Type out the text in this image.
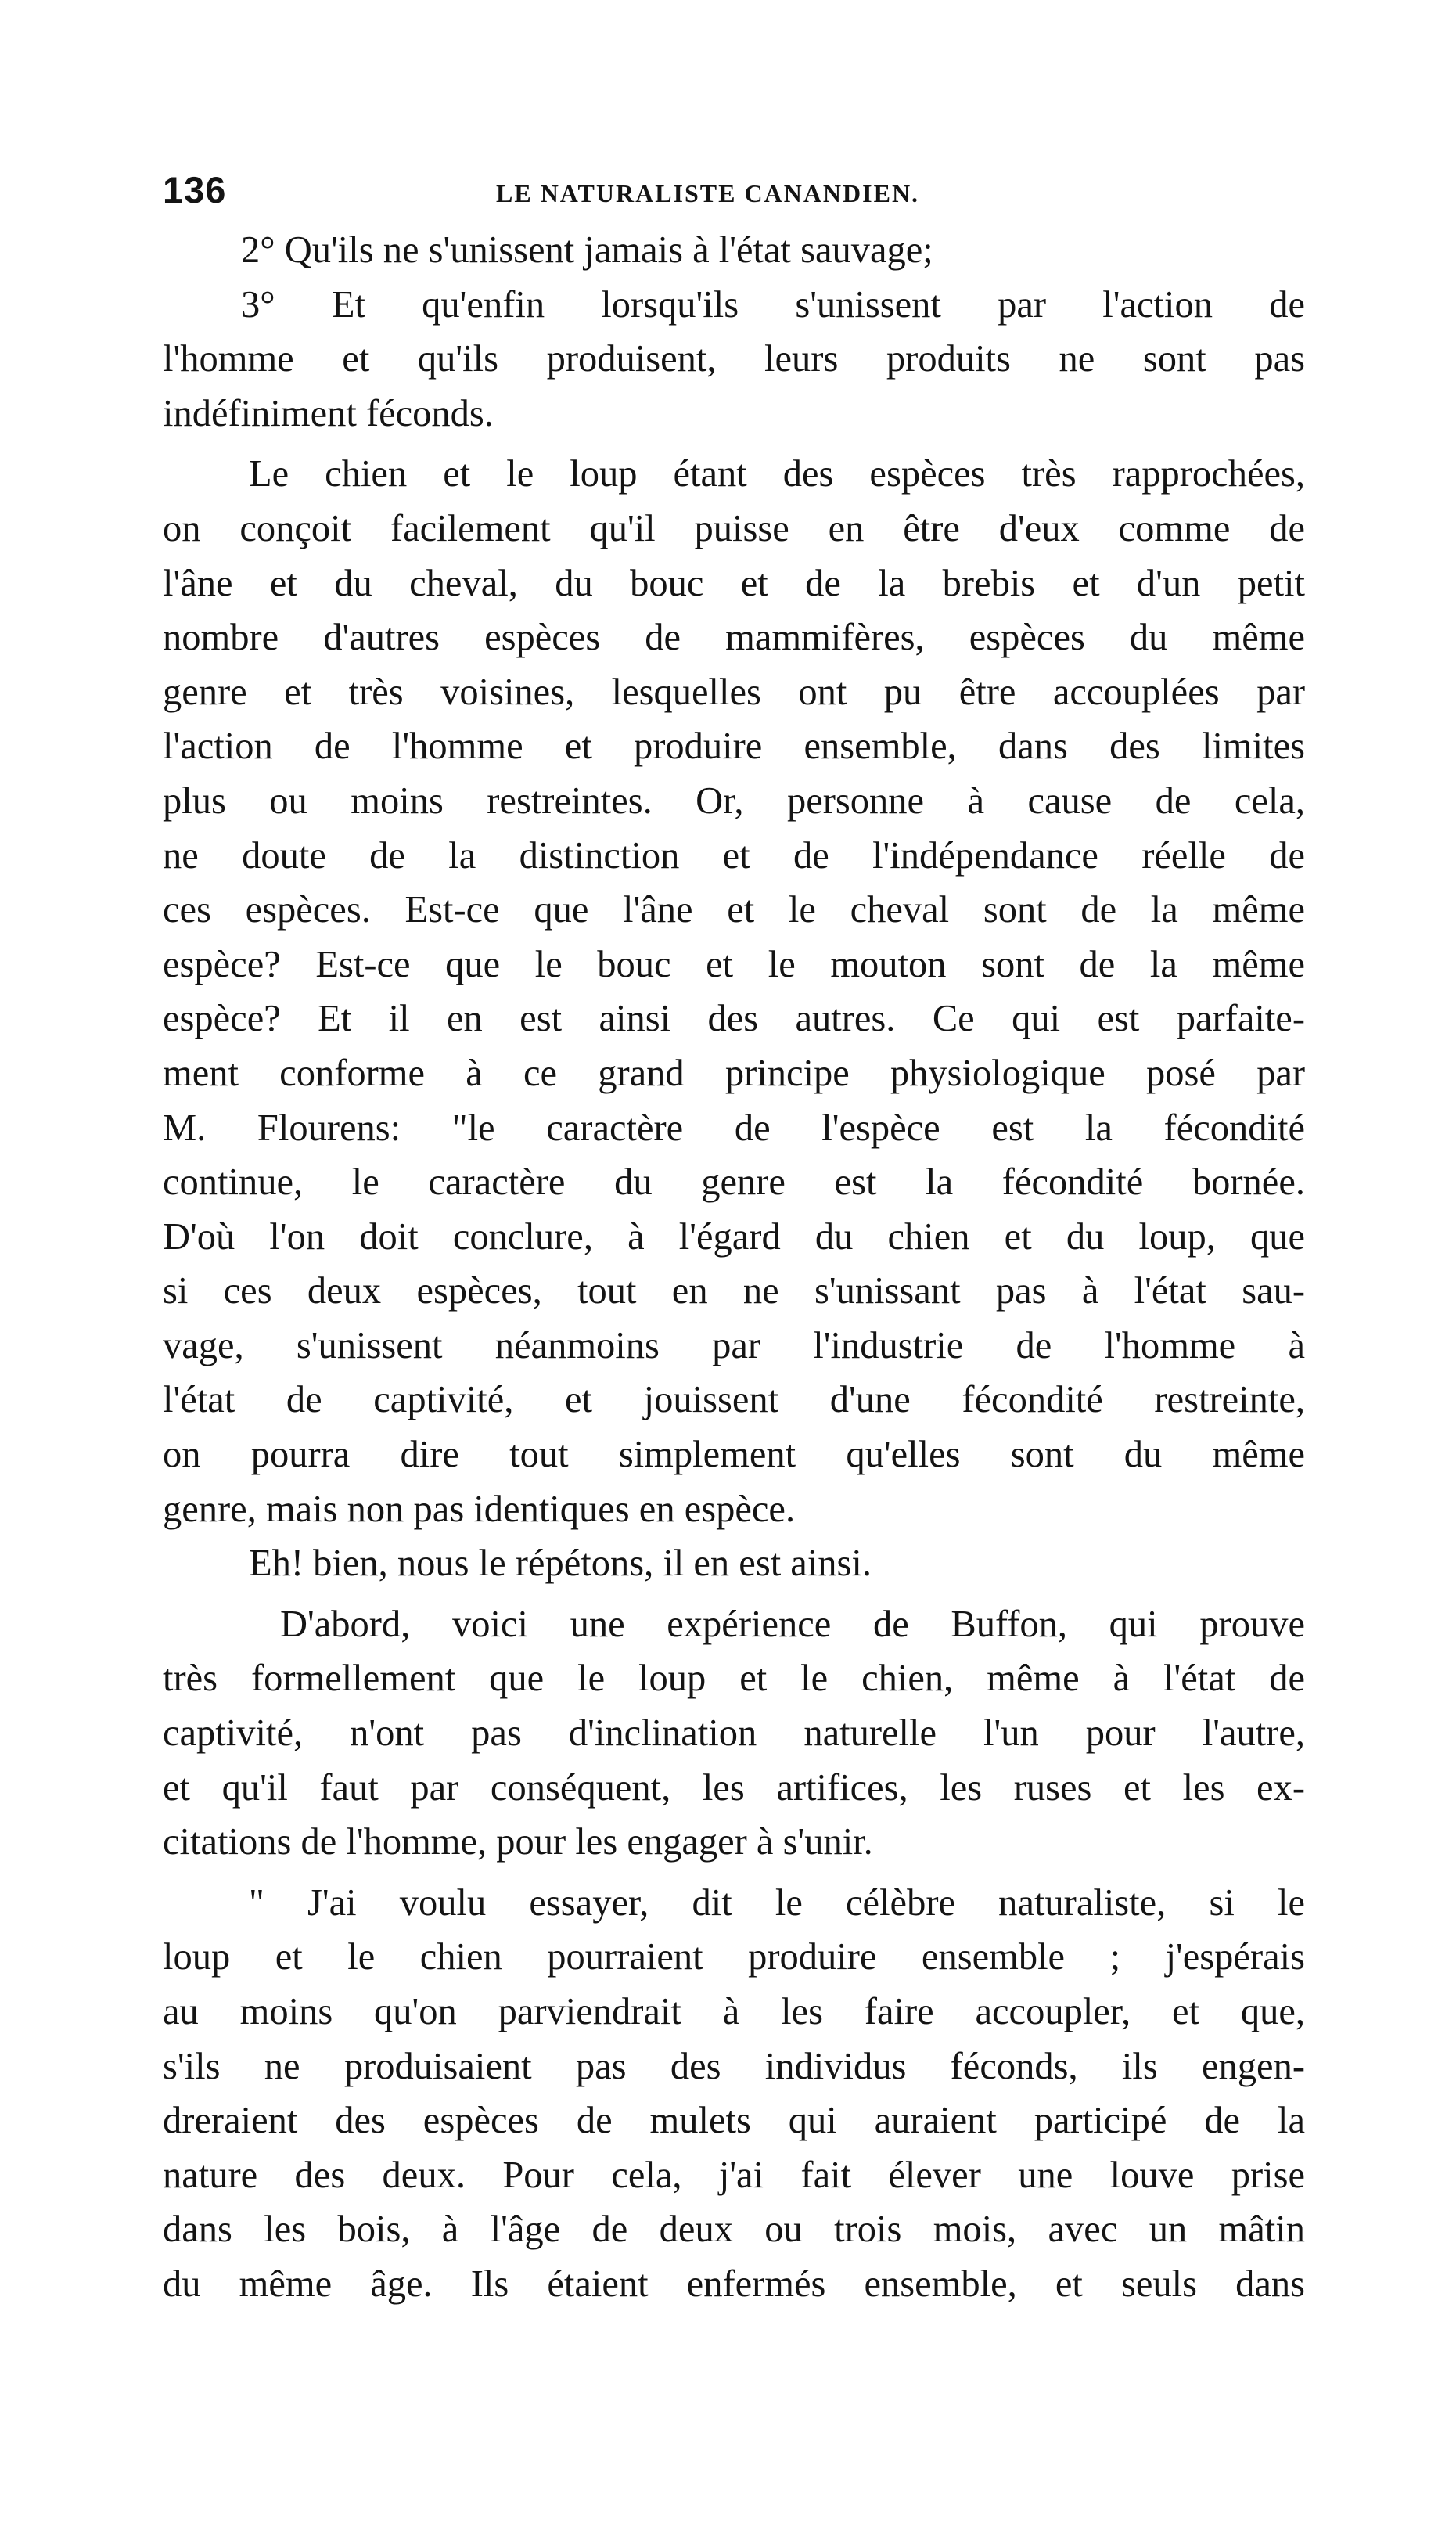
136	LE NATURALISTE CANANDIEN.
2° Qu'ils ne s'unissent jamais à l'état sauvage;
3° Et qu'enfin lorsqu'ils s'unissent par l'action de
l'homme et qu'ils produisent, leurs produits ne sont pas
indéfiniment féconds.
Le chien et le loup étant des espèces très rapprochées,
on conçoit facilement qu'il puisse en être d'eux comme de
l'âne et du cheval, du bouc et de la brebis et d'un petit
nombre d'autres espèces de mammifères, espèces du même
genre et très voisines, lesquelles ont pu être accouplées par
l'action de l'homme et produire ensemble, dans des limites
plus ou moins restreintes. Or, personne à cause de cela,
ne doute de la distinction et de l'indépendance réelle de
ces espèces. Est-ce que l'âne et le cheval sont de la même
espèce? Est-ce que le bouc et le mouton sont de la même
espèce? Et il en est ainsi des autres. Ce qui est parfaite-
ment conforme à ce grand principe physiologique posé par
M. Flourens: "le caractère de l'espèce est la fécondité
continue, le caractère du genre est la fécondité bornée.
D'où l'on doit conclure, à l'égard du chien et du loup, que
si ces deux espèces, tout en ne s'unissant pas à l'état sau-
vage, s'unissent néanmoins par l'industrie de l'homme à
l'état de captivité, et jouissent d'une fécondité restreinte,
on pourra dire tout simplement qu'elles sont du même
genre, mais non pas identiques en espèce.
Eh! bien, nous le répétons, il en est ainsi.
D'abord, voici une expérience de Buffon, qui prouve
très formellement que le loup et le chien, même à l'état de
captivité, n'ont pas d'inclination naturelle l'un pour l'autre,
et qu'il faut par conséquent, les artifices, les ruses et les ex-
citations de l'homme, pour les engager à s'unir.
" J'ai voulu essayer, dit le célèbre naturaliste, si le
loup et le chien pourraient produire ensemble ; j'espérais
au moins qu'on parviendrait à les faire accoupler, et que,
s'ils ne produisaient pas des individus féconds, ils engen-
dreraient des espèces de mulets qui auraient participé de la
nature des deux. Pour cela, j'ai fait élever une louve prise
dans les bois, à l'âge de deux ou trois mois, avec un mâtin
du même âge. Ils étaient enfermés ensemble, et seuls dans
